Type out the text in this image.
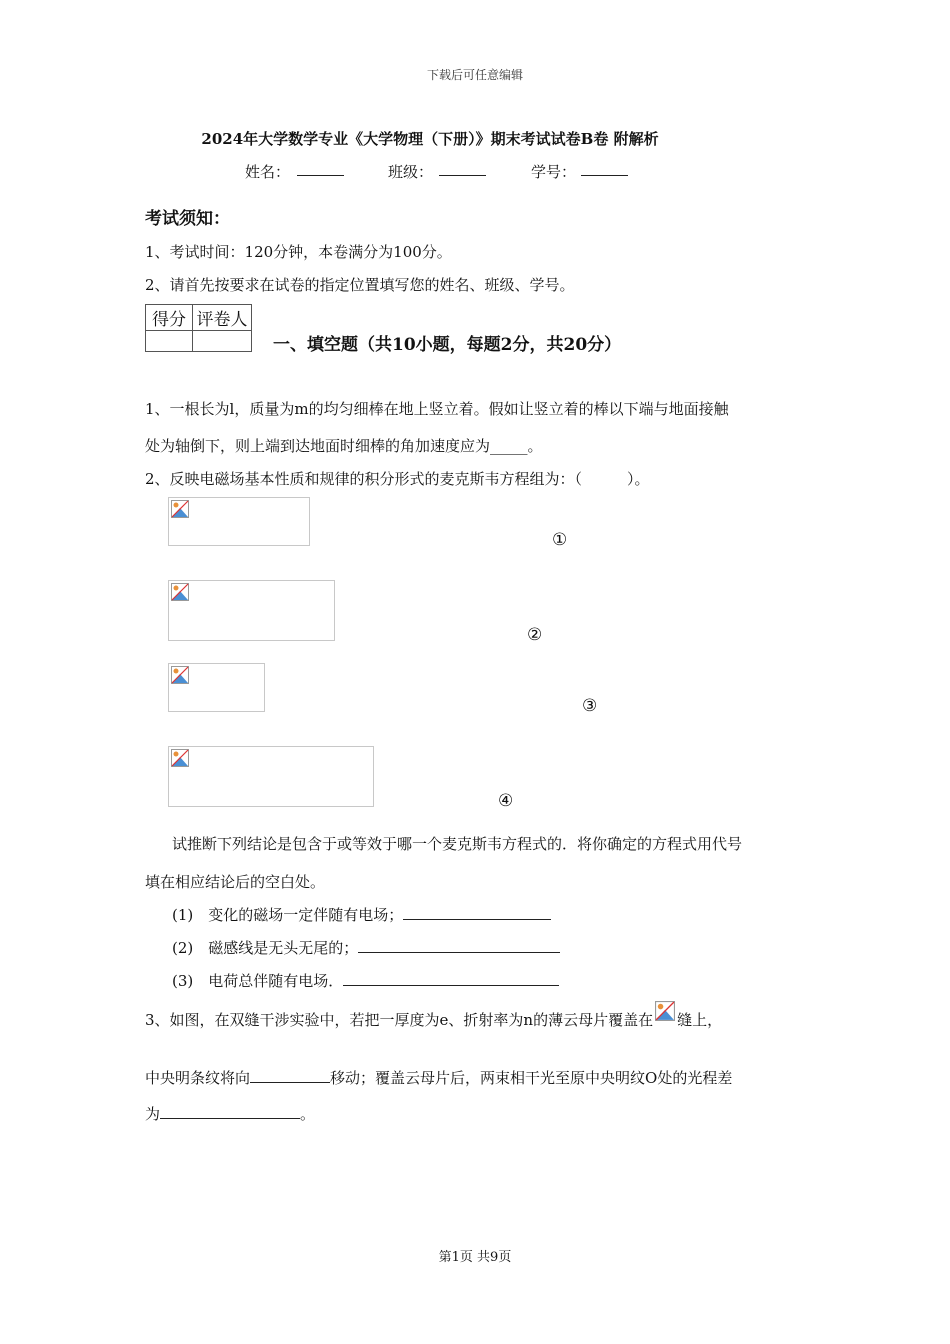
下载后可任意编辑
2024年大学数学专业《大学物理（下册）》期末考试试卷B卷 附解析
姓名：	班级：	学号：
考试须知：
1、考试时间：120分钟，本卷满分为100分。
2、请首先按要求在试卷的指定位置填写您的姓名、班级、学号。
得分	评卷人

一、填空题（共10小题，每题2分，共20分）
1、一根长为l，质量为m的均匀细棒在地上竖立着。假如让竖立着的棒以下端与地面接触
处为轴倒下，则上端到达地面时细棒的角加速度应为_____。
2、反映电磁场基本性质和规律的积分形式的麦克斯韦方程组为：（　　　）。
①
②
③
④
试推断下列结论是包含于或等效于哪一个麦克斯韦方程式的．将你确定的方程式用代号
填在相应结论后的空白处。
(1)　变化的磁场一定伴随有电场；
(2)　磁感线是无头无尾的；
(3)　电荷总伴随有电场．
3、如图，在双缝干涉实验中，若把一厚度为e、折射率为n的薄云母片覆盖在 缝上，
中央明条纹将向	移动；覆盖云母片后，两束相干光至原中央明纹O处的光程差
为	。
第1页 共9页
